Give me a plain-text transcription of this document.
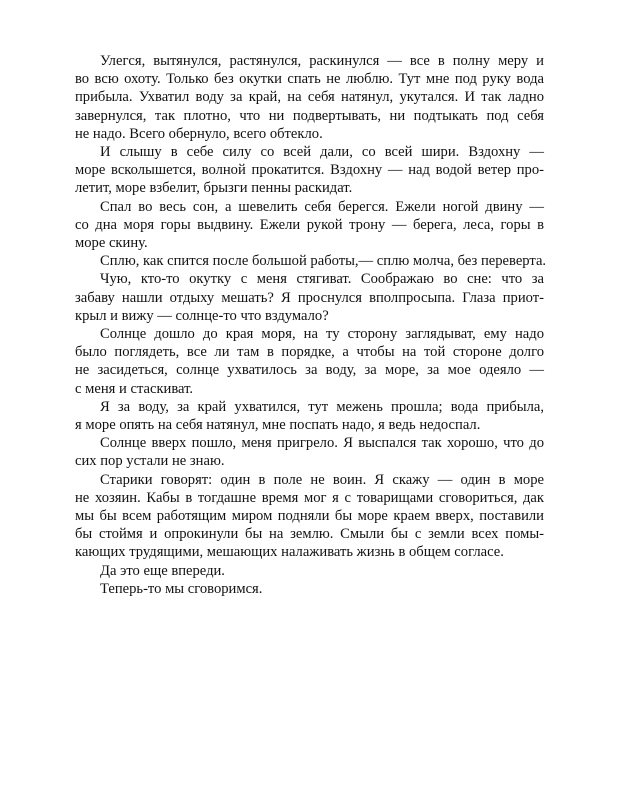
Улегся, вытянулся, растянулся, раскинулся — все в полну меру и
во всю охоту. Только без окутки спать не люблю. Тут мне под руку вода
прибыла. Ухватил воду за край, на себя натянул, укутался. И так ладно
завернулся, так плотно, что ни подвертывать, ни подтыкать под себя
не надо. Всего обернуло, всего обтекло.
И слышу в себе силу со всей дали, со всей шири. Вздохну —
море всколышется, волной прокатится. Вздохну — над водой ветер про-
летит, море взбелит, брызги пенны раскидат.
Спал во весь сон, а шевелить себя берегся. Ежели ногой двину —
со дна моря горы выдвину. Ежели рукой трону — берега, леса, горы в
море скину.
Сплю, как спится после большой работы,— сплю молча, без переверта.
Чую, кто-то окутку с меня стягиват. Соображаю во сне: что за
забаву нашли отдыху мешать? Я проснулся вполпросыпа. Глаза приот-
крыл и вижу — солнце-то что вздумало?
Солнце дошло до края моря, на ту сторону заглядыват, ему надо
было поглядеть, все ли там в порядке, а чтобы на той стороне долго
не засидеться, солнце ухватилось за воду, за море, за мое одеяло —
с меня и стаскиват.
Я за воду, за край ухватился, тут межень прошла; вода прибыла,
я море опять на себя натянул, мне поспать надо, я ведь недоспал.
Солнце вверх пошло, меня пригрело. Я выспался так хорошо, что до
сих пор устали не знаю.
Старики говорят: один в поле не воин. Я скажу — один в море
не хозяин. Кабы в тогдашне время мог я с товарищами сговориться, дак
мы бы всем работящим миром подняли бы море краем вверх, поставили
бы стоймя и опрокинули бы на землю. Смыли бы с земли всех помы-
кающих трудящими, мешающих налаживать жизнь в общем согласе.
Да это еще впереди.
Теперь-то мы сговоримся.
